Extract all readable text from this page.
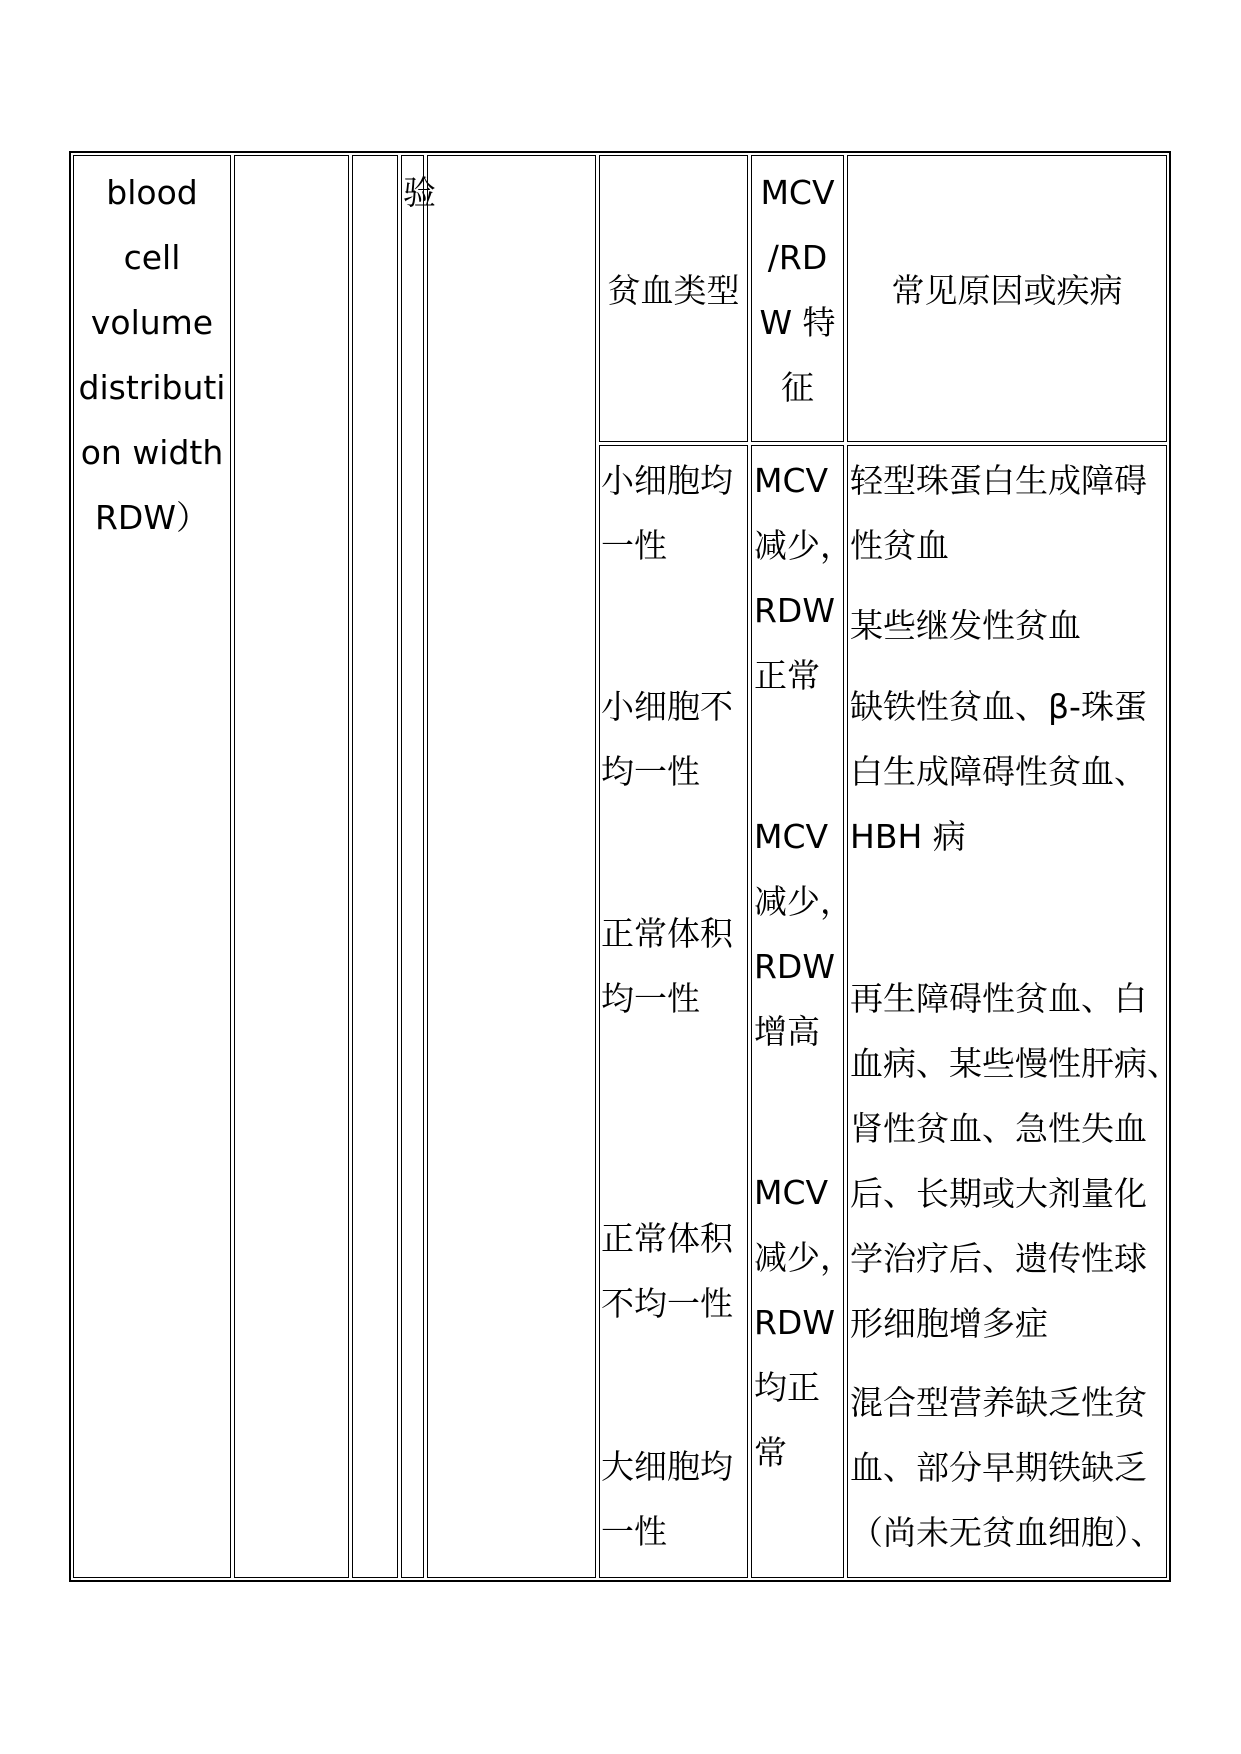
blood
cell
volume
distributi
on width
RDW）
验
贫血类型
MCV
/RD
W 特
征
常见原因或疾病
小细胞均
一性
小细胞不
均一性
正常体积
均一性
正常体积
不均一性
大细胞均
一性
MCV
减少，
RDW
正常
MCV
减少，
RDW
增高
MCV
减少，
RDW
均正
常
轻型珠蛋白生成障碍
性贫血
某些继发性贫血
缺铁性贫血、β-珠蛋
白生成障碍性贫血、
HBH 病
再生障碍性贫血、白
血病、某些慢性肝病、
肾性贫血、急性失血
后、长期或大剂量化
学治疗后、遗传性球
形细胞增多症
混合型营养缺乏性贫
血、部分早期铁缺乏
（尚未无贫血细胞）、
